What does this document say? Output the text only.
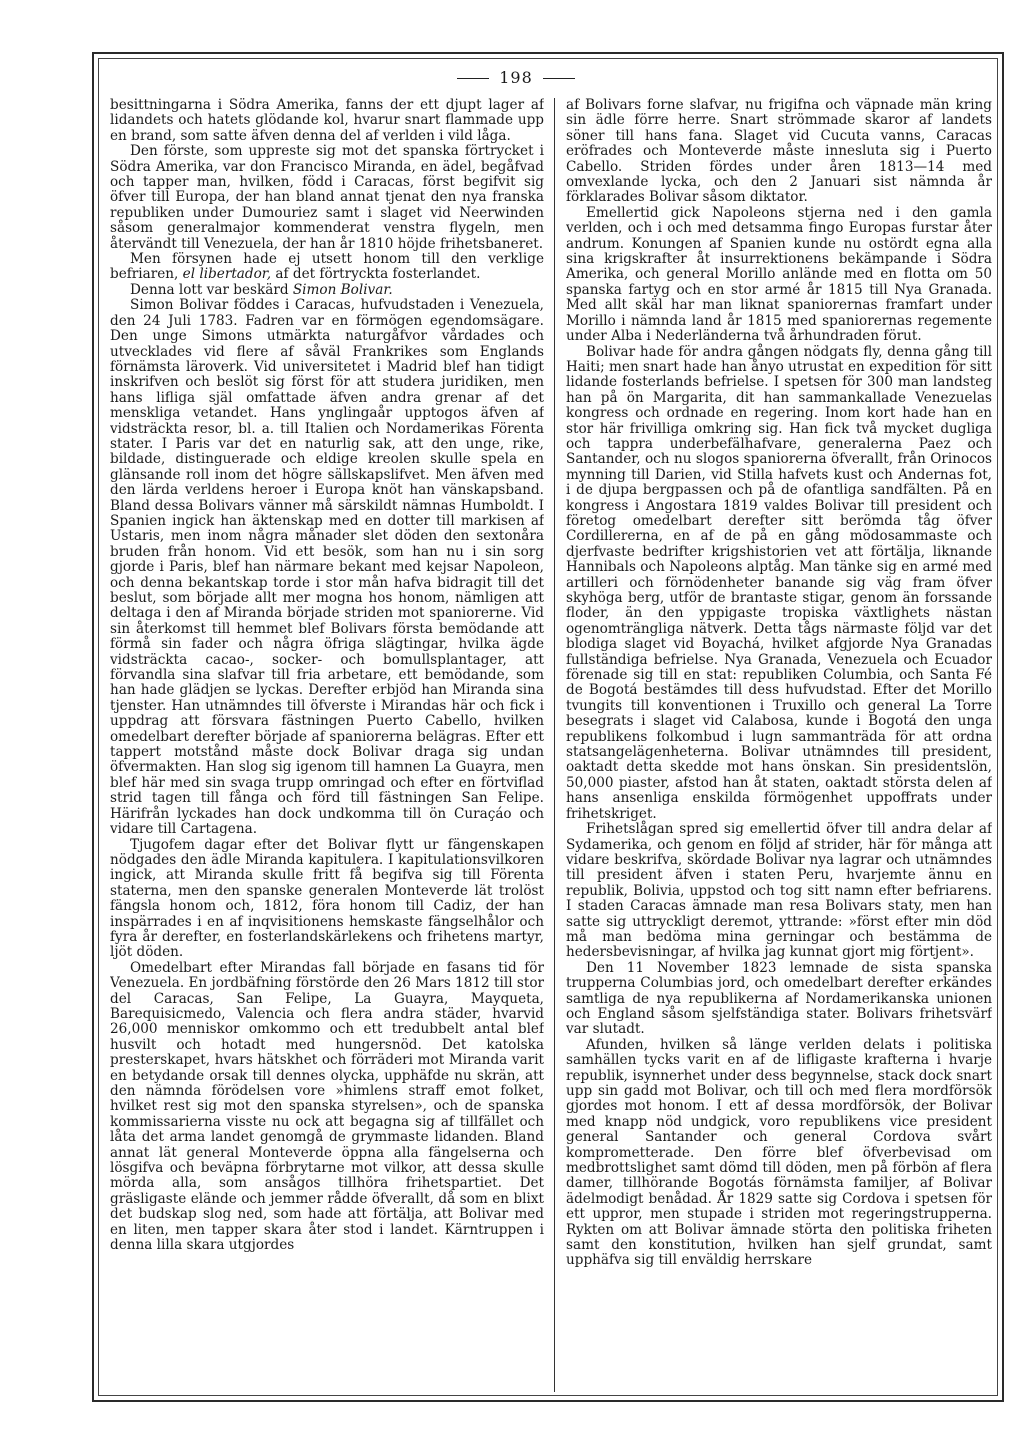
198

besittningarna i Södra Amerika, fanns der ett djupt lager af lidandets och hatets glödande kol, hvarur snart flammade upp en brand, som satte äfven denna del af verlden i vild låga.

Den förste, som uppreste sig mot det spanska förtrycket i Södra Amerika, var don Francisco Miranda, en ädel, begåfvad och tapper man, hvilken, född i Caracas, först begifvit sig öfver till Europa, der han bland annat tjenat den nya franska republiken under Dumouriez samt i slaget vid Neerwinden såsom generalmajor kommenderat venstra flygeln, men återvändt till Venezuela, der han år 1810 höjde frihetsbaneret.

Men försynen hade ej utsett honom till den verklige befriaren, el libertador, af det förtryckta fosterlandet.

Denna lott var beskärd Simon Bolivar.

Simon Bolivar föddes i Caracas, hufvudstaden i Venezuela, den 24 Juli 1783. Fadren var en förmögen egendomsägare. Den unge Simons utmärkta naturgåfvor vårdades och utvecklades vid flere af såväl Frankrikes som Englands förnämsta läroverk. Vid universitetet i Madrid blef han tidigt inskrifven och beslöt sig först för att studera juridiken, men hans lifliga själ omfattade äfven andra grenar af det menskliga vetandet. Hans ynglingaår upptogos äfven af vidsträckta resor, bl. a. till Italien och Nordamerikas Förenta stater. I Paris var det en naturlig sak, att den unge, rike, bildade, distinguerade och eldige kreolen skulle spela en glänsande roll inom det högre sällskapslifvet. Men äfven med den lärda verldens heroer i Europa knöt han vänskapsband. Bland dessa Bolivars vänner må särskildt nämnas Humboldt. I Spanien ingick han äktenskap med en dotter till markisen af Ustaris, men inom några månader slet döden den sextonåra bruden från honom. Vid ett besök, som han nu i sin sorg gjorde i Paris, blef han närmare bekant med kejsar Napoleon, och denna bekantskap torde i stor mån hafva bidragit till det beslut, som började allt mer mogna hos honom, nämligen att deltaga i den af Miranda började striden mot spaniorerne. Vid sin återkomst till hemmet blef Bolivars första bemödande att förmå sin fader och några öfriga slägtingar, hvilka ägde vidsträckta cacao-, socker- och bomullsplantager, att förvandla sina slafvar till fria arbetare, ett bemödande, som han hade glädjen se lyckas. Derefter erbjöd han Miranda sina tjenster. Han utnämndes till öfverste i Mirandas här och fick i uppdrag att försvara fästningen Puerto Cabello, hvilken omedelbart derefter började af spaniorerna belägras. Efter ett tappert motstånd måste dock Bolivar draga sig undan öfvermakten. Han slog sig igenom till hamnen La Guayra, men blef här med sin svaga trupp omringad och efter en förtviflad strid tagen till fånga och förd till fästningen San Felipe. Härifrån lyckades han dock undkomma till ön Curaçáo och vidare till Cartagena.

Tjugofem dagar efter det Bolivar flytt ur fängenskapen nödgades den ädle Miranda kapitulera. I kapitulationsvilkoren ingick, att Miranda skulle fritt få begifva sig till Förenta staterna, men den spanske generalen Monteverde lät trolöst fängsla honom och, 1812, föra honom till Cadiz, der han inspärrades i en af inqvisitionens hemskaste fängselhålor och fyra år derefter, en fosterlandskärlekens och frihetens martyr, ljöt döden.

Omedelbart efter Mirandas fall började en fasans tid för Venezuela. En jordbäfning förstörde den 26 Mars 1812 till stor del Caracas, San Felipe, La Guayra, Mayqueta, Barequisicmedo, Valencia och flera andra städer, hvarvid 26,000 menniskor omkommo och ett tredubbelt antal blef husvilt och hotadt med hungersnöd. Det katolska presterskapet, hvars hätskhet och förräderi mot Miranda varit en betydande orsak till dennes olycka, upphäfde nu skrän, att den nämnda förödelsen vore »himlens straff emot folket, hvilket rest sig mot den spanska styrelsen», och de spanska kommissarierna visste nu ock att begagna sig af tillfället och låta det arma landet genomgå de grymmaste lidanden. Bland annat lät general Monteverde öppna alla fängelserna och lösgifva och beväpna förbrytarne mot vilkor, att dessa skulle mörda alla, som ansågos tillhöra frihetspartiet. Det gräsligaste elände och jemmer rådde öfverallt, då som en blixt det budskap slog ned, som hade att förtälja, att Bolivar med en liten, men tapper skara åter stod i landet. Kärntruppen i denna lilla skara utgjordes

af Bolivars forne slafvar, nu frigifna och väpnade män kring sin ädle förre herre. Snart strömmade skaror af landets söner till hans fana. Slaget vid Cucuta vanns, Caracas eröfrades och Monteverde måste innesluta sig i Puerto Cabello. Striden fördes under åren 1813—14 med omvexlande lycka, och den 2 Januari sist nämnda år förklarades Bolivar såsom diktator.

Emellertid gick Napoleons stjerna ned i den gamla verlden, och i och med detsamma fingo Europas furstar åter andrum. Konungen af Spanien kunde nu ostördt egna alla sina krigskrafter åt insurrektionens bekämpande i Södra Amerika, och general Morillo anlände med en flotta om 50 spanska fartyg och en stor armé år 1815 till Nya Granada. Med allt skäl har man liknat spaniorernas framfart under Morillo i nämnda land år 1815 med spaniorernas regemente under Alba i Nederländerna två århundraden förut.

Bolivar hade för andra gången nödgats fly, denna gång till Haiti; men snart hade han ånyo utrustat en expedition för sitt lidande fosterlands befrielse. I spetsen för 300 man landsteg han på ön Margarita, dit han sammankallade Venezuelas kongress och ordnade en regering. Inom kort hade han en stor här frivilliga omkring sig. Han fick två mycket dugliga och tappra underbefälhafvare, generalerna Paez och Santander, och nu slogos spaniorerna öfverallt, från Orinocos mynning till Darien, vid Stilla hafvets kust och Andernas fot, i de djupa bergpassen och på de ofantliga sandfälten. På en kongress i Angostara 1819 valdes Bolivar till president och företog omedelbart derefter sitt berömda tåg öfver Cordillererna, en af de på en gång mödosammaste och djerfvaste bedrifter krigshistorien vet att förtälja, liknande Hannibals och Napoleons alptåg. Man tänke sig en armé med artilleri och förnödenheter banande sig väg fram öfver skyhöga berg, utför de brantaste stigar, genom än forssande floder, än den yppigaste tropiska växtlighets nästan ogenomträngliga nätverk. Detta tågs närmaste följd var det blodiga slaget vid Boyachá, hvilket afgjorde Nya Granadas fullständiga befrielse. Nya Granada, Venezuela och Ecuador förenade sig till en stat: republiken Columbia, och Santa Fé de Bogotá bestämdes till dess hufvudstad. Efter det Morillo tvungits till konventionen i Truxillo och general La Torre besegrats i slaget vid Calabosa, kunde i Bogotá den unga republikens folkombud i lugn sammanträda för att ordna statsangelägenheterna. Bolivar utnämndes till president, oaktadt detta skedde mot hans önskan. Sin presidentslön, 50,000 piaster, afstod han åt staten, oaktadt största delen af hans ansenliga enskilda förmögenhet uppoffrats under frihetskriget.

Frihetslågan spred sig emellertid öfver till andra delar af Sydamerika, och genom en följd af strider, här för många att vidare beskrifva, skördade Bolivar nya lagrar och utnämndes till president äfven i staten Peru, hvarjemte ännu en republik, Bolivia, uppstod och tog sitt namn efter befriarens. I staden Caracas ämnade man resa Bolivars staty, men han satte sig uttryckligt deremot, yttrande: »först efter min död må man bedöma mina gerningar och bestämma de hedersbevisningar, af hvilka jag kunnat gjort mig förtjent».

Den 11 November 1823 lemnade de sista spanska trupperna Columbias jord, och omedelbart derefter erkändes samtliga de nya republikerna af Nordamerikanska unionen och England såsom sjelfständiga stater. Bolivars frihetsvärf var slutadt.

Afunden, hvilken så länge verlden delats i politiska samhällen tycks varit en af de lifligaste krafterna i hvarje republik, isynnerhet under dess begynnelse, stack dock snart upp sin gadd mot Bolivar, och till och med flera mordförsök gjordes mot honom. I ett af dessa mordförsök, der Bolivar med knapp nöd undgick, voro republikens vice president general Santander och general Cordova svårt komprometterade. Den förre blef öfverbevisad om medbrottslighet samt dömd till döden, men på förbön af flera damer, tillhörande Bogotás förnämsta familjer, af Bolivar ädelmodigt benådad. År 1829 satte sig Cordova i spetsen för ett uppror, men stupade i striden mot regeringstrupperna. Rykten om att Bolivar ämnade störta den politiska friheten samt den konstitution, hvilken han sjelf grundat, samt upphäfva sig till enväldig herrskare
